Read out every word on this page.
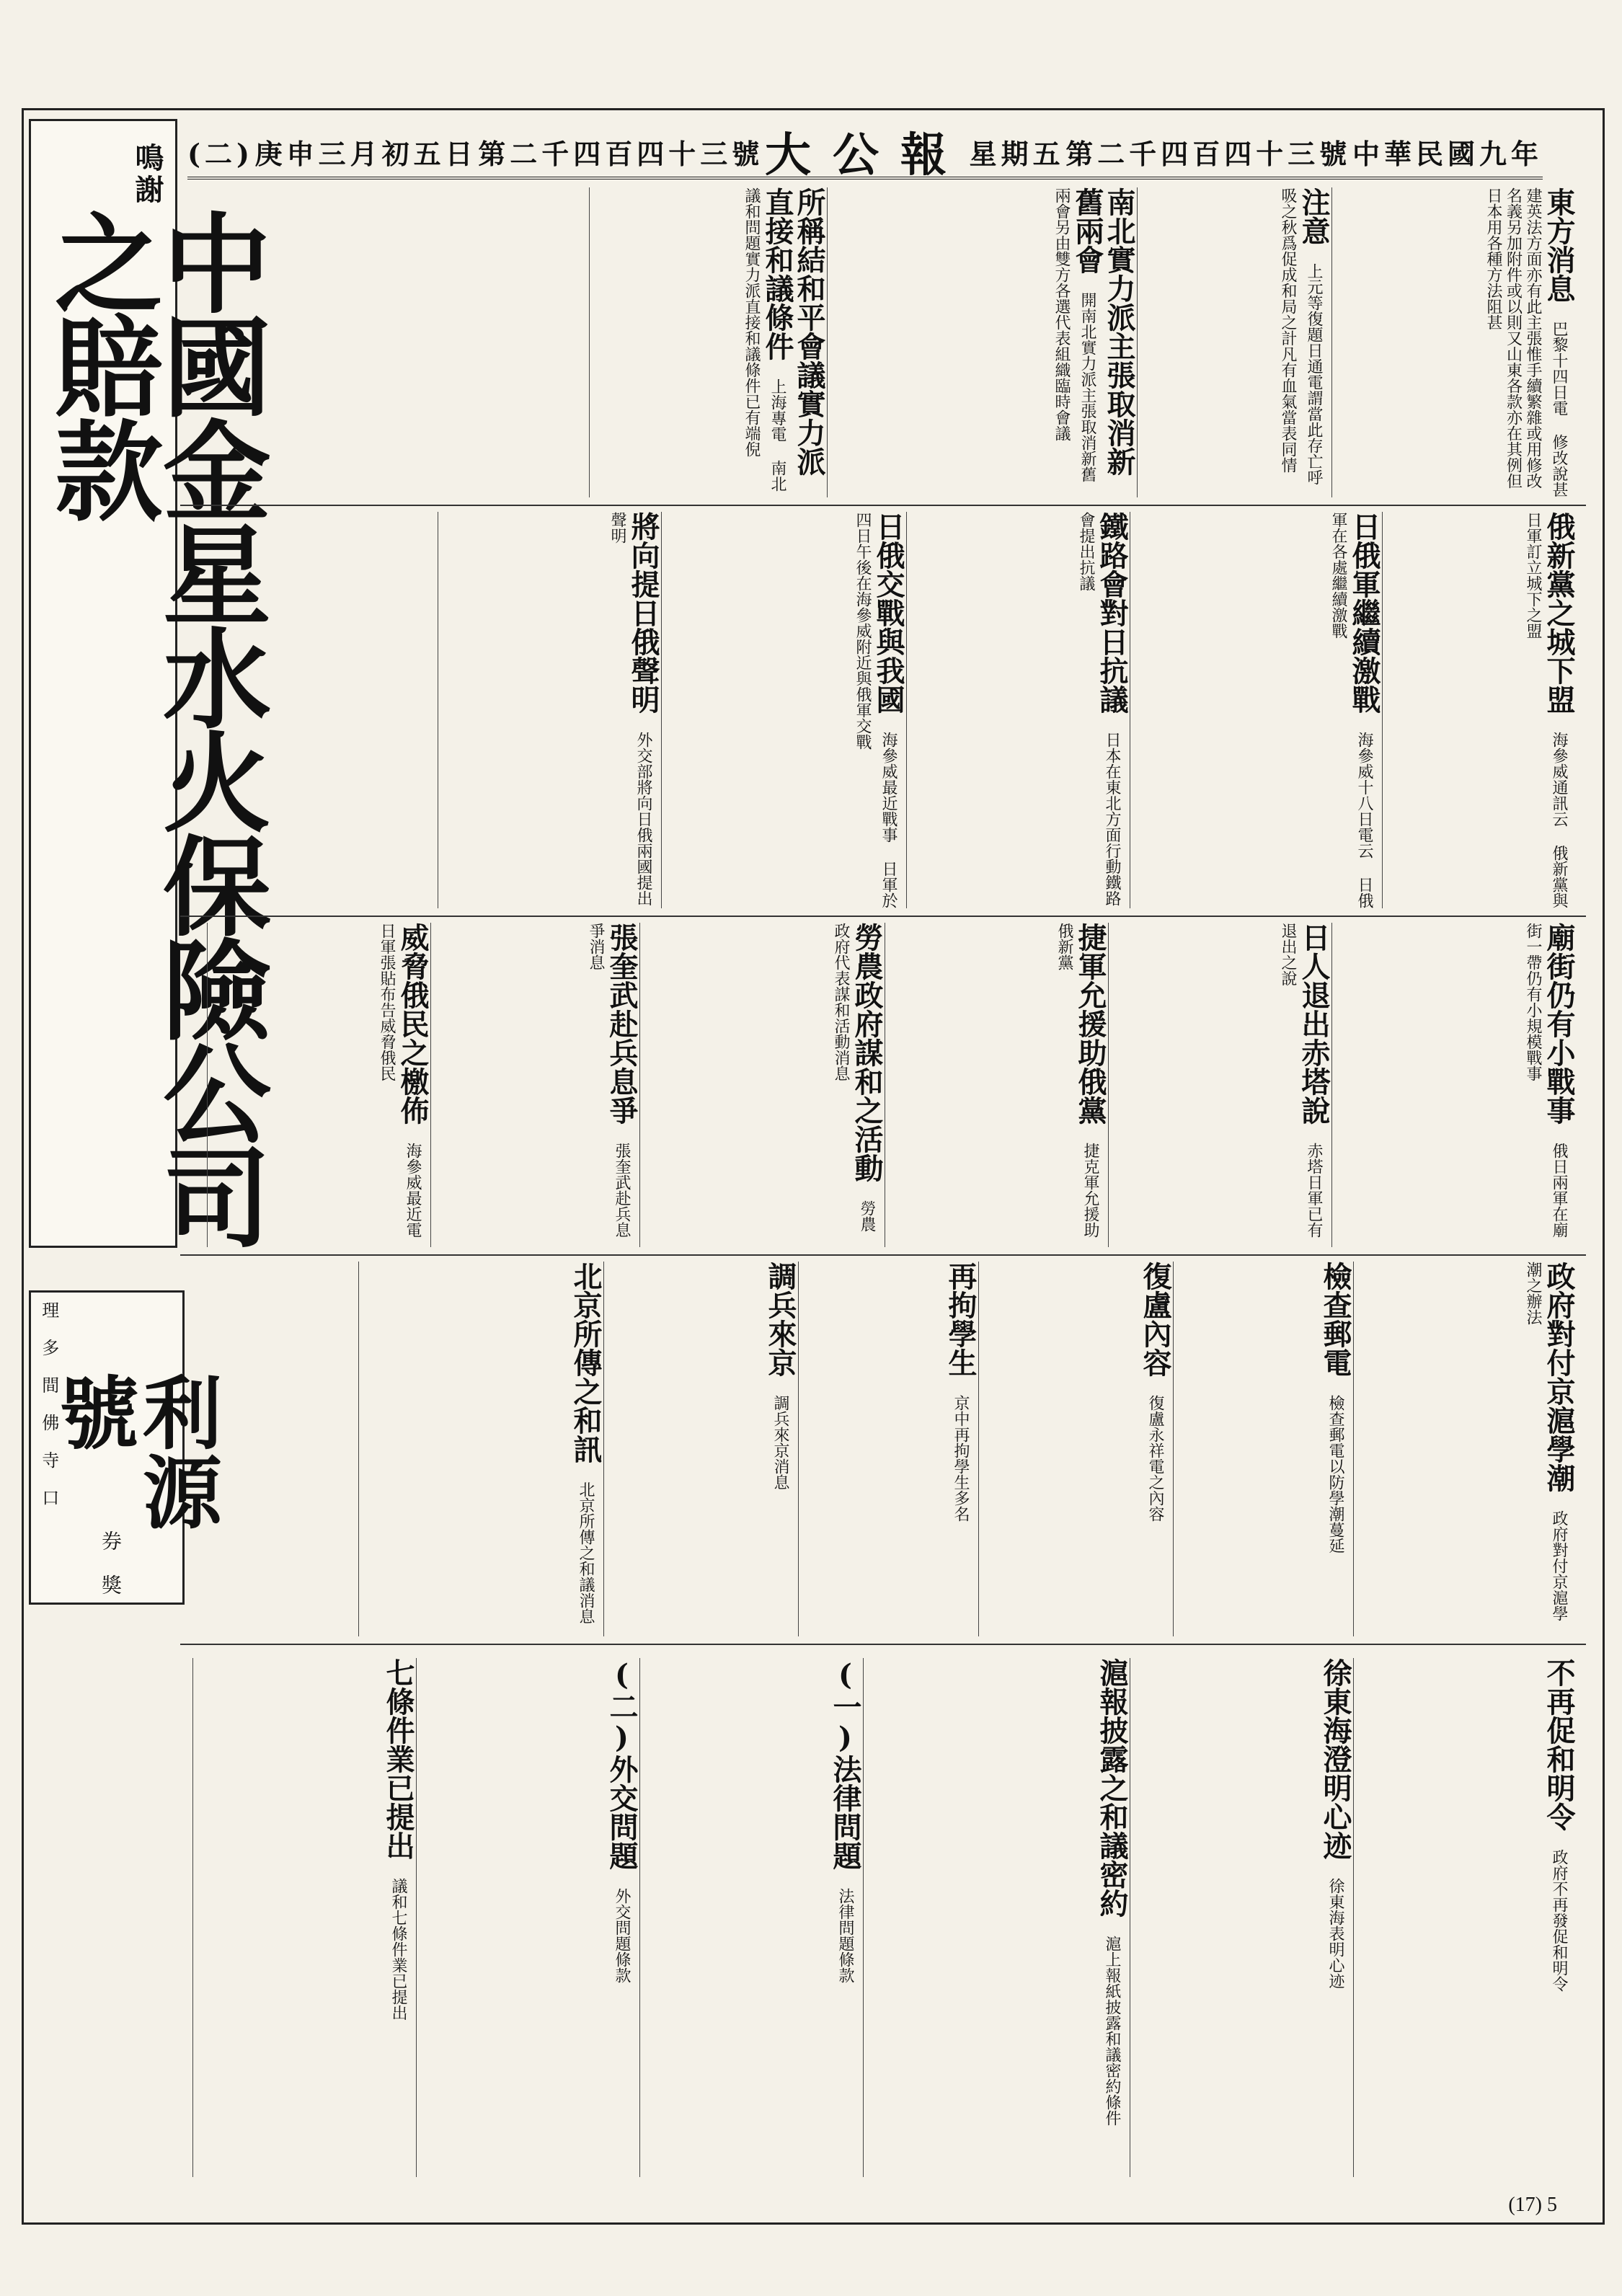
(二) 庚申三月初五日 第二千四百四十三號 大公報 星期五 第二千四百四十三號 中華民國九年
鳴謝
中國金星水火保險公司之賠款
理 多 間 佛 寺 口 利源號
券 獎
東方消息 巴黎十四日電 修改說甚建英法方面亦有此主張惟手續繁雜或用修改名義另加附件或以則又山東各款亦在其例但日本用各種方法阻甚
注意 上元等復題日通電謂當此存亡呼吸之秋爲促成和局之計凡有血氣當表同情
南北實力派主張取消新舊兩會 開南北實力派主張取消新舊兩會另由雙方各選代表組織臨時會議
所稱結和平會議實力派直接和議條件 上海專電 南北議和問題實力派直接和議條件已有端倪
俄新黨之城下盟 海參威通訊云 俄新黨與日軍訂立城下之盟
日俄軍繼續激戰 海參威十八日電云 日俄軍在各處繼續激戰
鐵路會對日抗議 日本在東北方面行動鐵路會提出抗議
日俄交戰與我國 海參威最近戰事 日軍於四日午後在海參威附近與俄軍交戰
將向提日俄聲明 外交部將向日俄兩國提出聲明
廟街仍有小戰事 俄日兩軍在廟街一帶仍有小規模戰事
日人退出赤塔說 赤塔日軍已有退出之說
捷軍允援助俄黨 捷克軍允援助俄新黨
勞農政府謀和之活動 勞農政府代表謀和活動消息
張奎武赴兵息爭 張奎武赴兵息爭消息
威脅俄民之檄佈 海參威最近電 日軍張貼布告威脅俄民
政府對付京滬學潮 政府對付京滬學潮之辦法
檢查郵電 檢查郵電以防學潮蔓延
復盧內容 復盧永祥電之內容
再拘學生 京中再拘學生多名
調兵來京 調兵來京消息
北京所傳之和訊 北京所傳之和議消息
不再促和明令 政府不再發促和明令
徐東海澄明心迹 徐東海表明心迹
滬報披露之和議密約 滬上報紙披露和議密約條件
(一)法律問題 法律問題條款
(二)外交問題 外交問題條款
七條件業已提出 議和七條件業已提出
(17) 5
